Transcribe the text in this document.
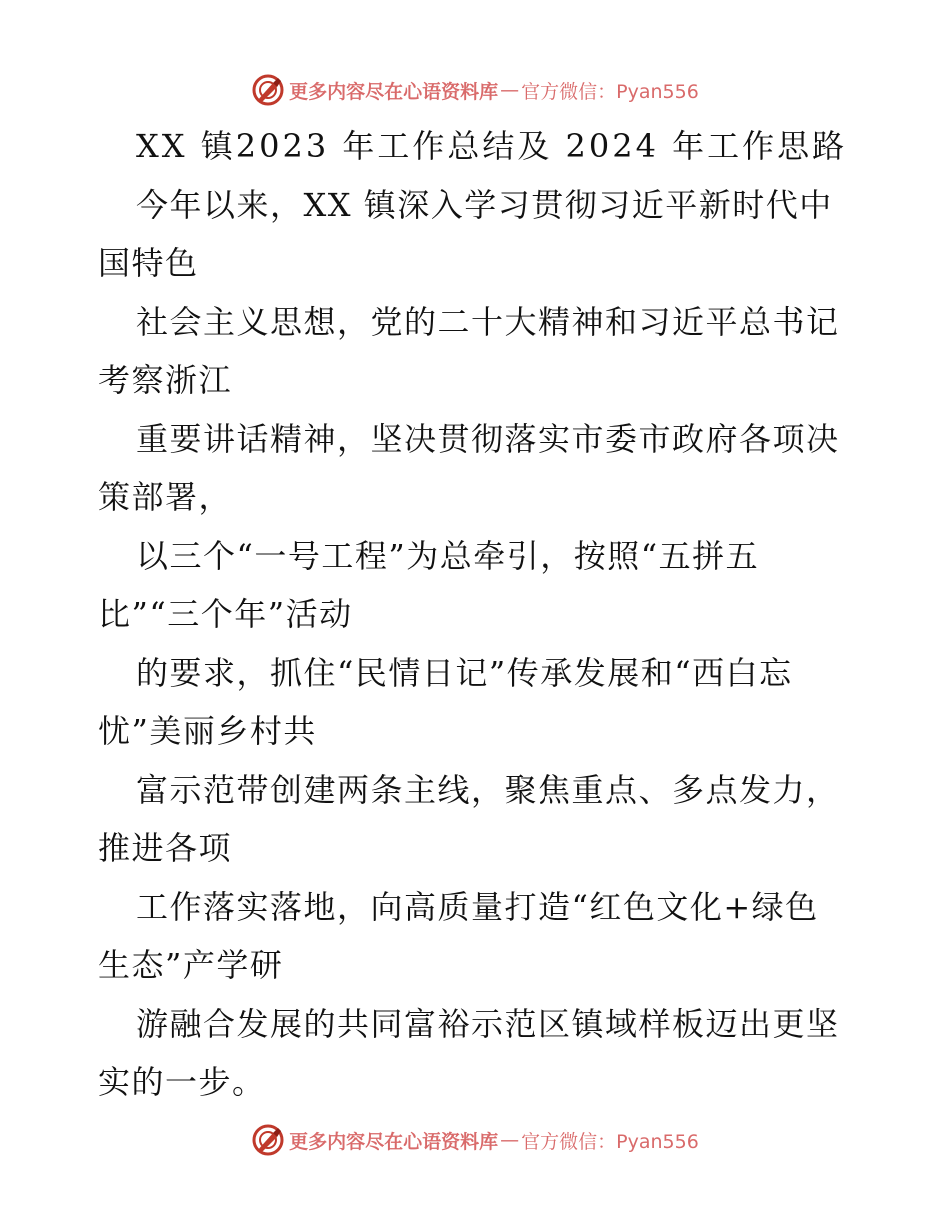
更多内容尽在心语资料库 — 官方微信：Pyan556
XX 镇2023 年工作总结及 2024 年工作思路
今年以来，XX 镇深入学习贯彻习近平新时代中
国特色
社会主义思想，党的二十大精神和习近平总书记
考察浙江
重要讲话精神，坚决贯彻落实市委市政府各项决
策部署，
以三个“一号工程”为总牵引，按照“五拼五
比”“三个年”活动
的要求，抓住“民情日记”传承发展和“西白忘
忧”美丽乡村共
富示范带创建两条主线，聚焦重点、多点发力，
推进各项
工作落实落地，向高质量打造“红色文化+绿色
生态”产学研
游融合发展的共同富裕示范区镇域样板迈出更坚
实的一步。
更多内容尽在心语资料库 — 官方微信：Pyan556
